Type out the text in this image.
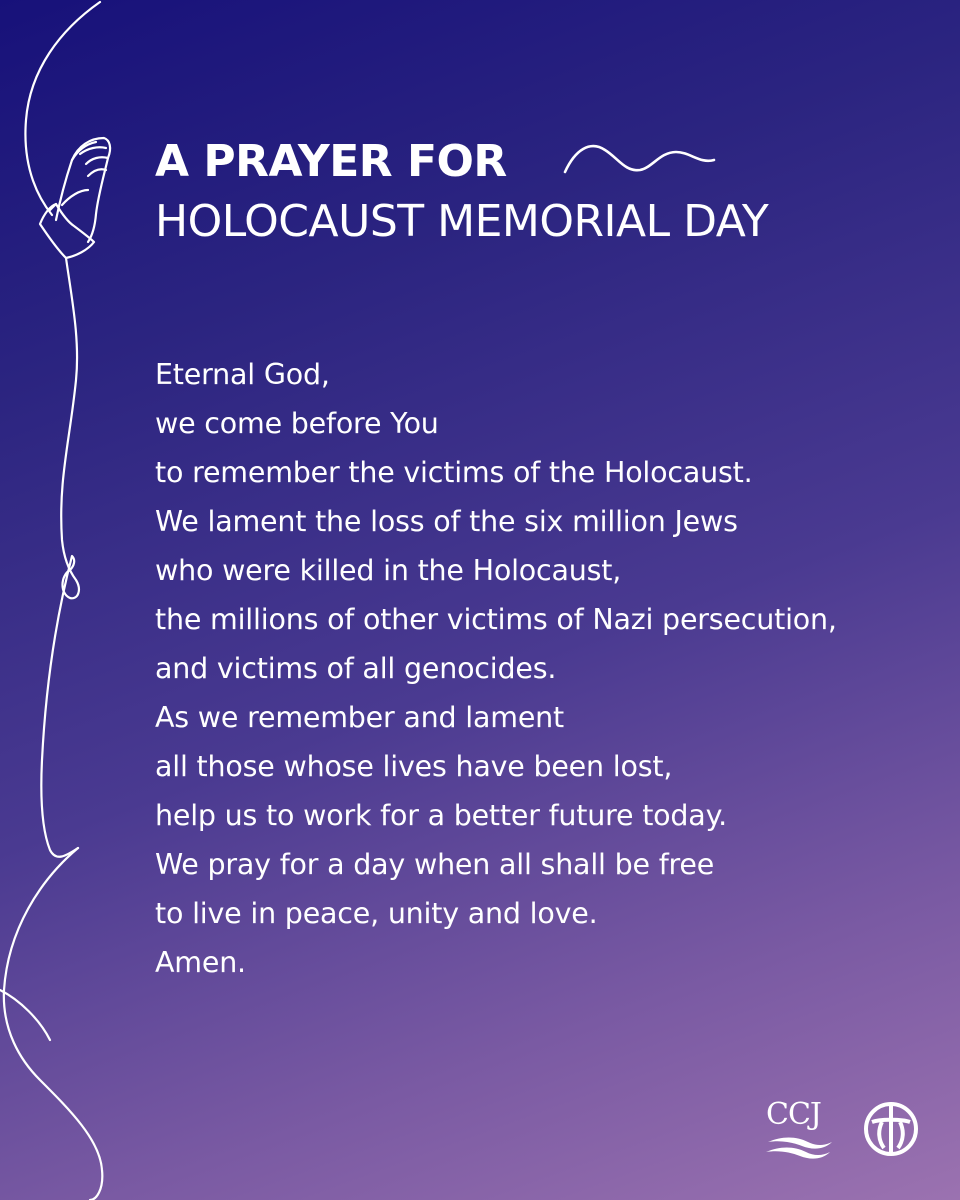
A PRAYER FOR
HOLOCAUST MEMORIAL DAY
Eternal God,
we come before You
to remember the victims of the Holocaust.
We lament the loss of the six million Jews
who were killed in the Holocaust,
the millions of other victims of Nazi persecution,
and victims of all genocides.
As we remember and lament
all those whose lives have been lost,
help us to work for a better future today.
We pray for a day when all shall be free
to live in peace, unity and love.
Amen.
CCJ
